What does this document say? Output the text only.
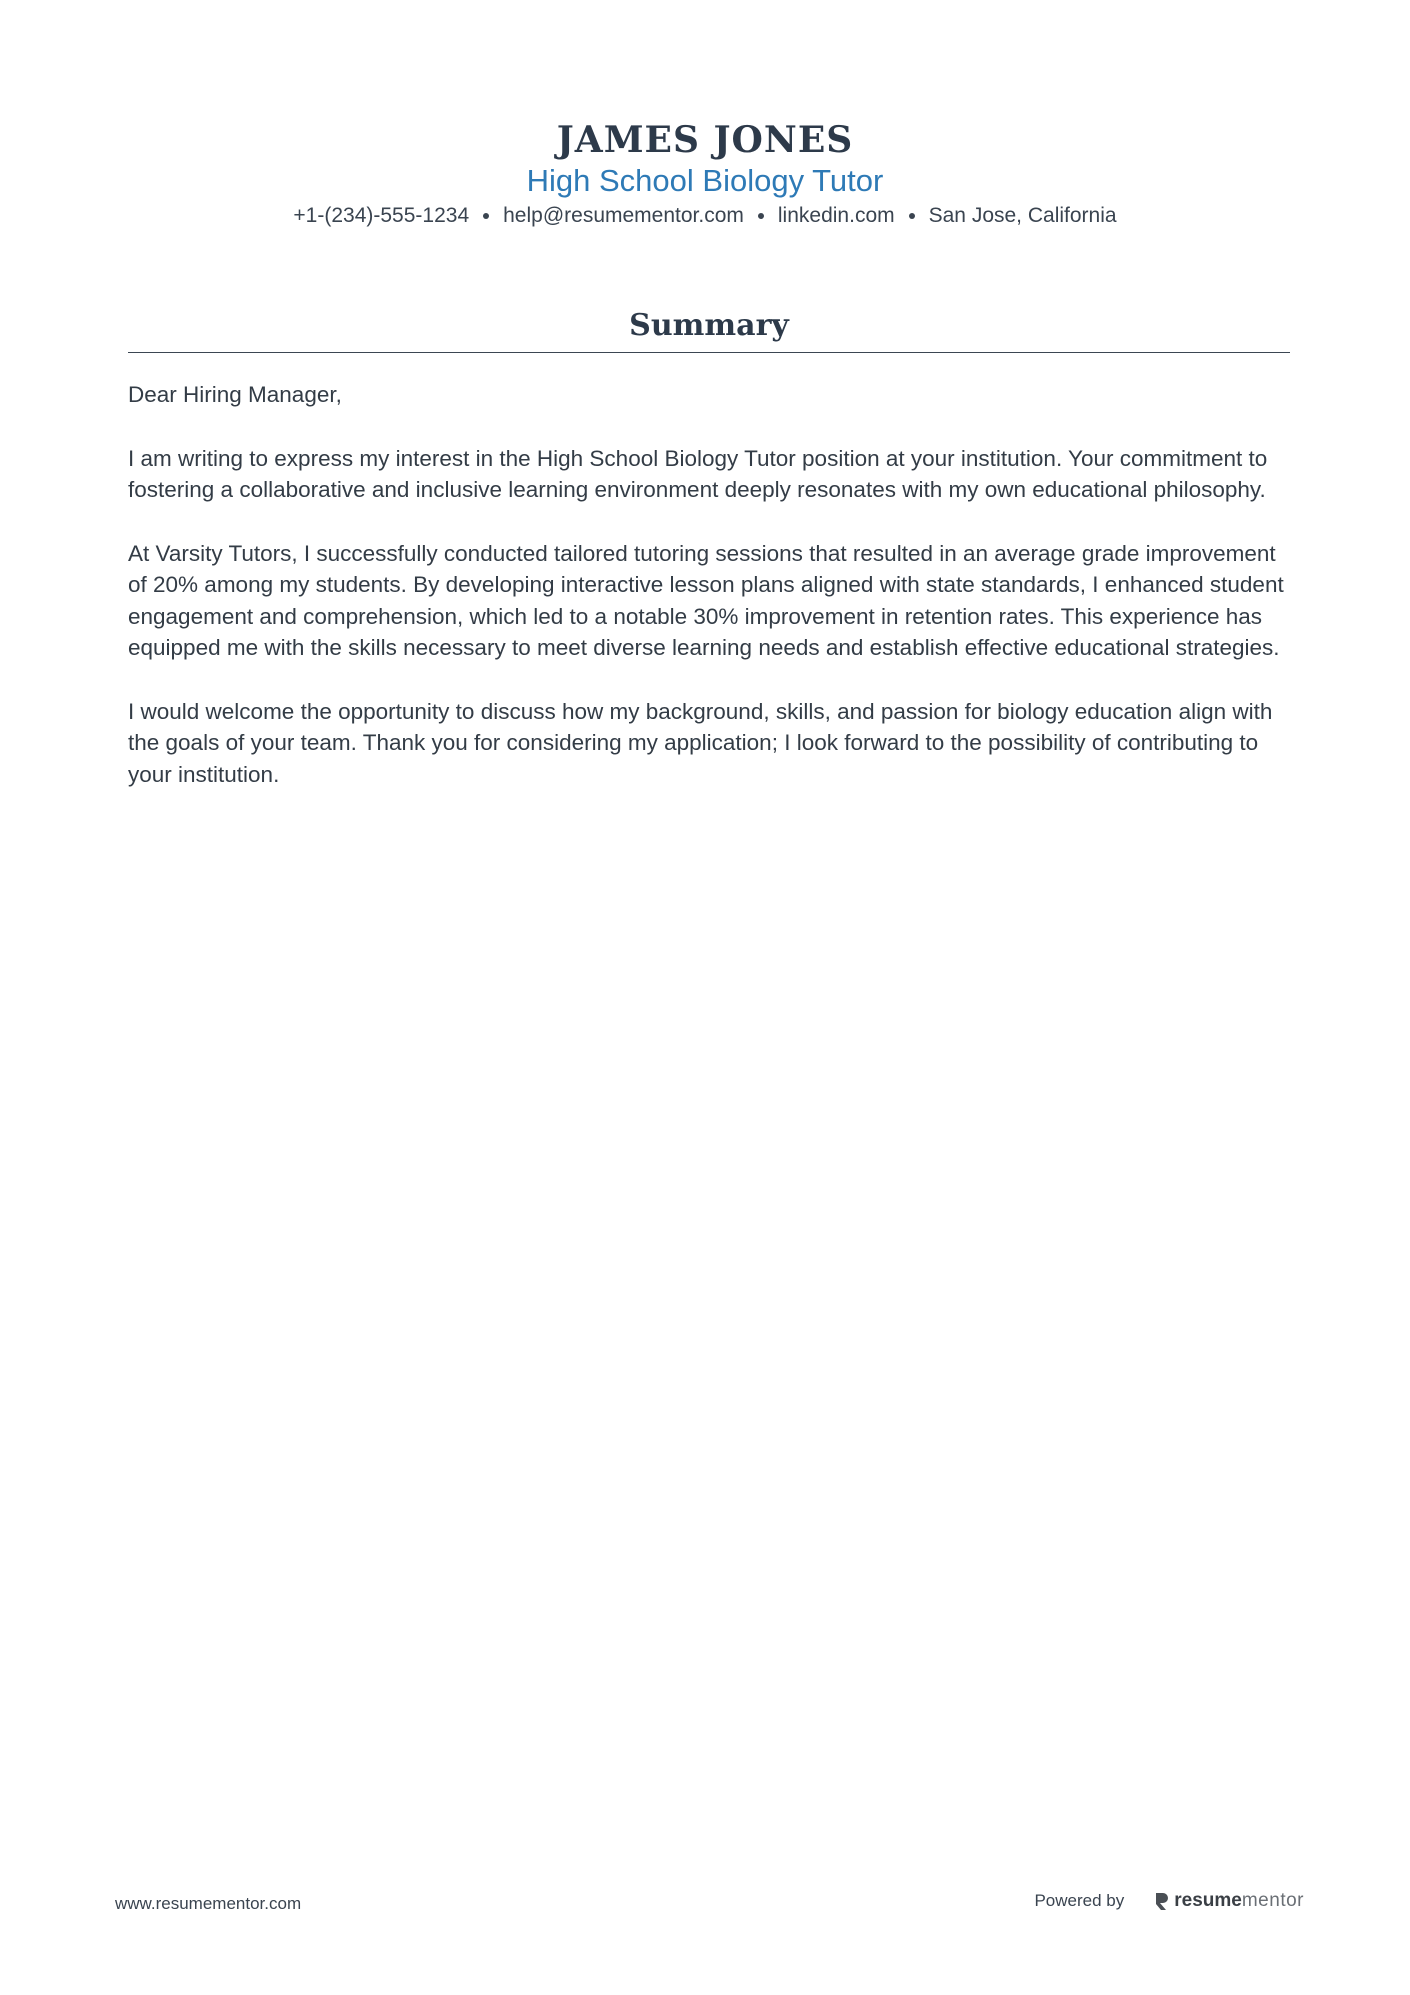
JAMES JONES
High School Biology Tutor
+1-(234)-555-1234 help@resumementor.com linkedin.com San Jose, California
Summary

Dear Hiring Manager,

I am writing to express my interest in the High School Biology Tutor position at your institution. Your commitment to fostering a collaborative and inclusive learning environment deeply resonates with my own educational philosophy.

At Varsity Tutors, I successfully conducted tailored tutoring sessions that resulted in an average grade improvement of 20% among my students. By developing interactive lesson plans aligned with state standards, I enhanced student engagement and comprehension, which led to a notable 30% improvement in retention rates. This experience has equipped me with the skills necessary to meet diverse learning needs and establish effective educational strategies.

I would welcome the opportunity to discuss how my background, skills, and passion for biology education align with the goals of your team. Thank you for considering my application; I look forward to the possibility of contributing to your institution.

www.resumementor.com	Powered by	resume mentor
